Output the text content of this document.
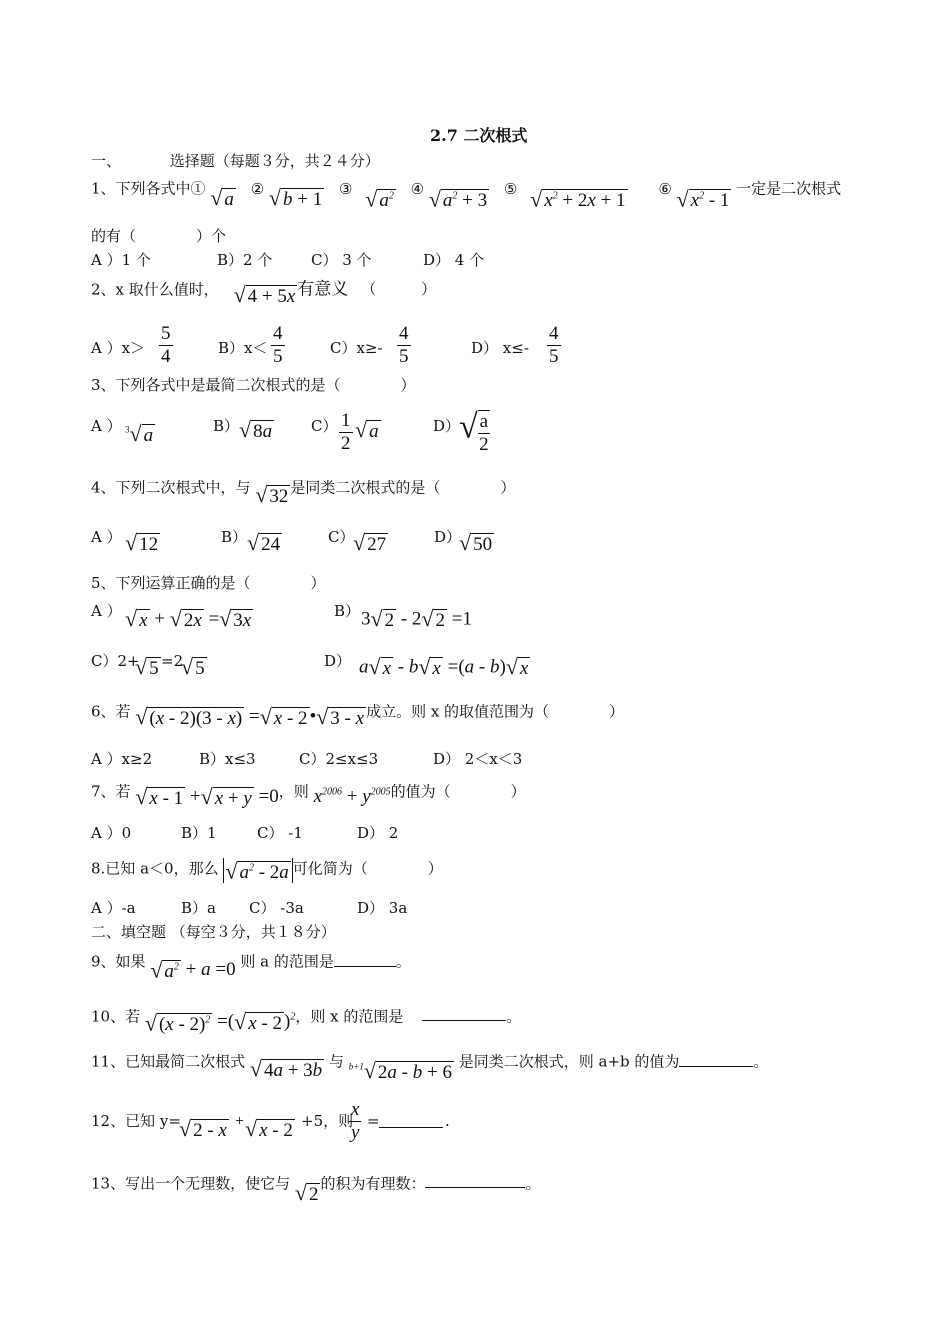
2.7 二次根式
一、	选择题（每题３分，共２４分）
1、下列各式中① √ a ② √ b + 1 ③ √ $a^2$ ④ √ $a^2 + 3$ ⑤ √ $x^2 + 2x + 1$ ⑥ √ $x^2 - 1$ 一定是二次根式
的有（　　　　）个
A ）1 个	B）2 个	C） 3 个	D） 4 个
2、x 取什么值时， √ 4 + 5x 有意义 （　　　）
A ）x＞
5
4	B）x＜
4
5	C）x≥-
4
5	D） x≤-
4
5
3、下列各式中是最简二次根式的是（　　　　）
A ） $^3$√ a	B） √ 8a	C） 1
2
√ a	D）
√ $\frac{a}{2}$
4、下列二次根式中，与 √ 32 是同类二次根式的是（　　　　）
A ） √ 12	B） √ 24	C）
√ 27	D）
√ 50
5、下列运算正确的是（　　　　）
A ） √ x + √ 2x =√ 3x	B） 3√ 2 - 2√ 2 =1
C）2+
√ 5 =2
√ 5	D） a√ x - b√ x =(a - b)√ x
6、若 √ (x - 2)(3 - x) =√ x - 2 •√ 3 - x 成立。则 x 的取值范围为（　　　　）
A ）x≥2	B）x≤3	C）2≤x≤3	D） 2＜x＜3
7、若 √ x - 1 +√ x + y =0，则 $x^{2006} + y^{2005}$的值为（　　　　）
A ）0	B）1	C） -1	D） 2
8.已知 a＜0，那么 √ $a^2 - 2a$ 可化简为（　　　　）
A ）-a	B）a C） -3a	D） 3a
二、填空题 （每空３分，共１８分）
9、如果 √ $a^2 + a =0$ 则 a 的范围是	。
10、若 √ (x - 2)$^2$ =(√ x - 2 )$^2$，则 x 的范围是	。
11、已知最简二次根式 √ 4a + 3b 与 $^{b+1}$√ 2a - b + 6 是同类二次根式，则 a+b 的值为	。
12、已知 y=
√ 2 - x + √ x - 2 +5，则
x
y
=	.
13、写出一个无理数，使它与 √ 2的积为有理数：	。
